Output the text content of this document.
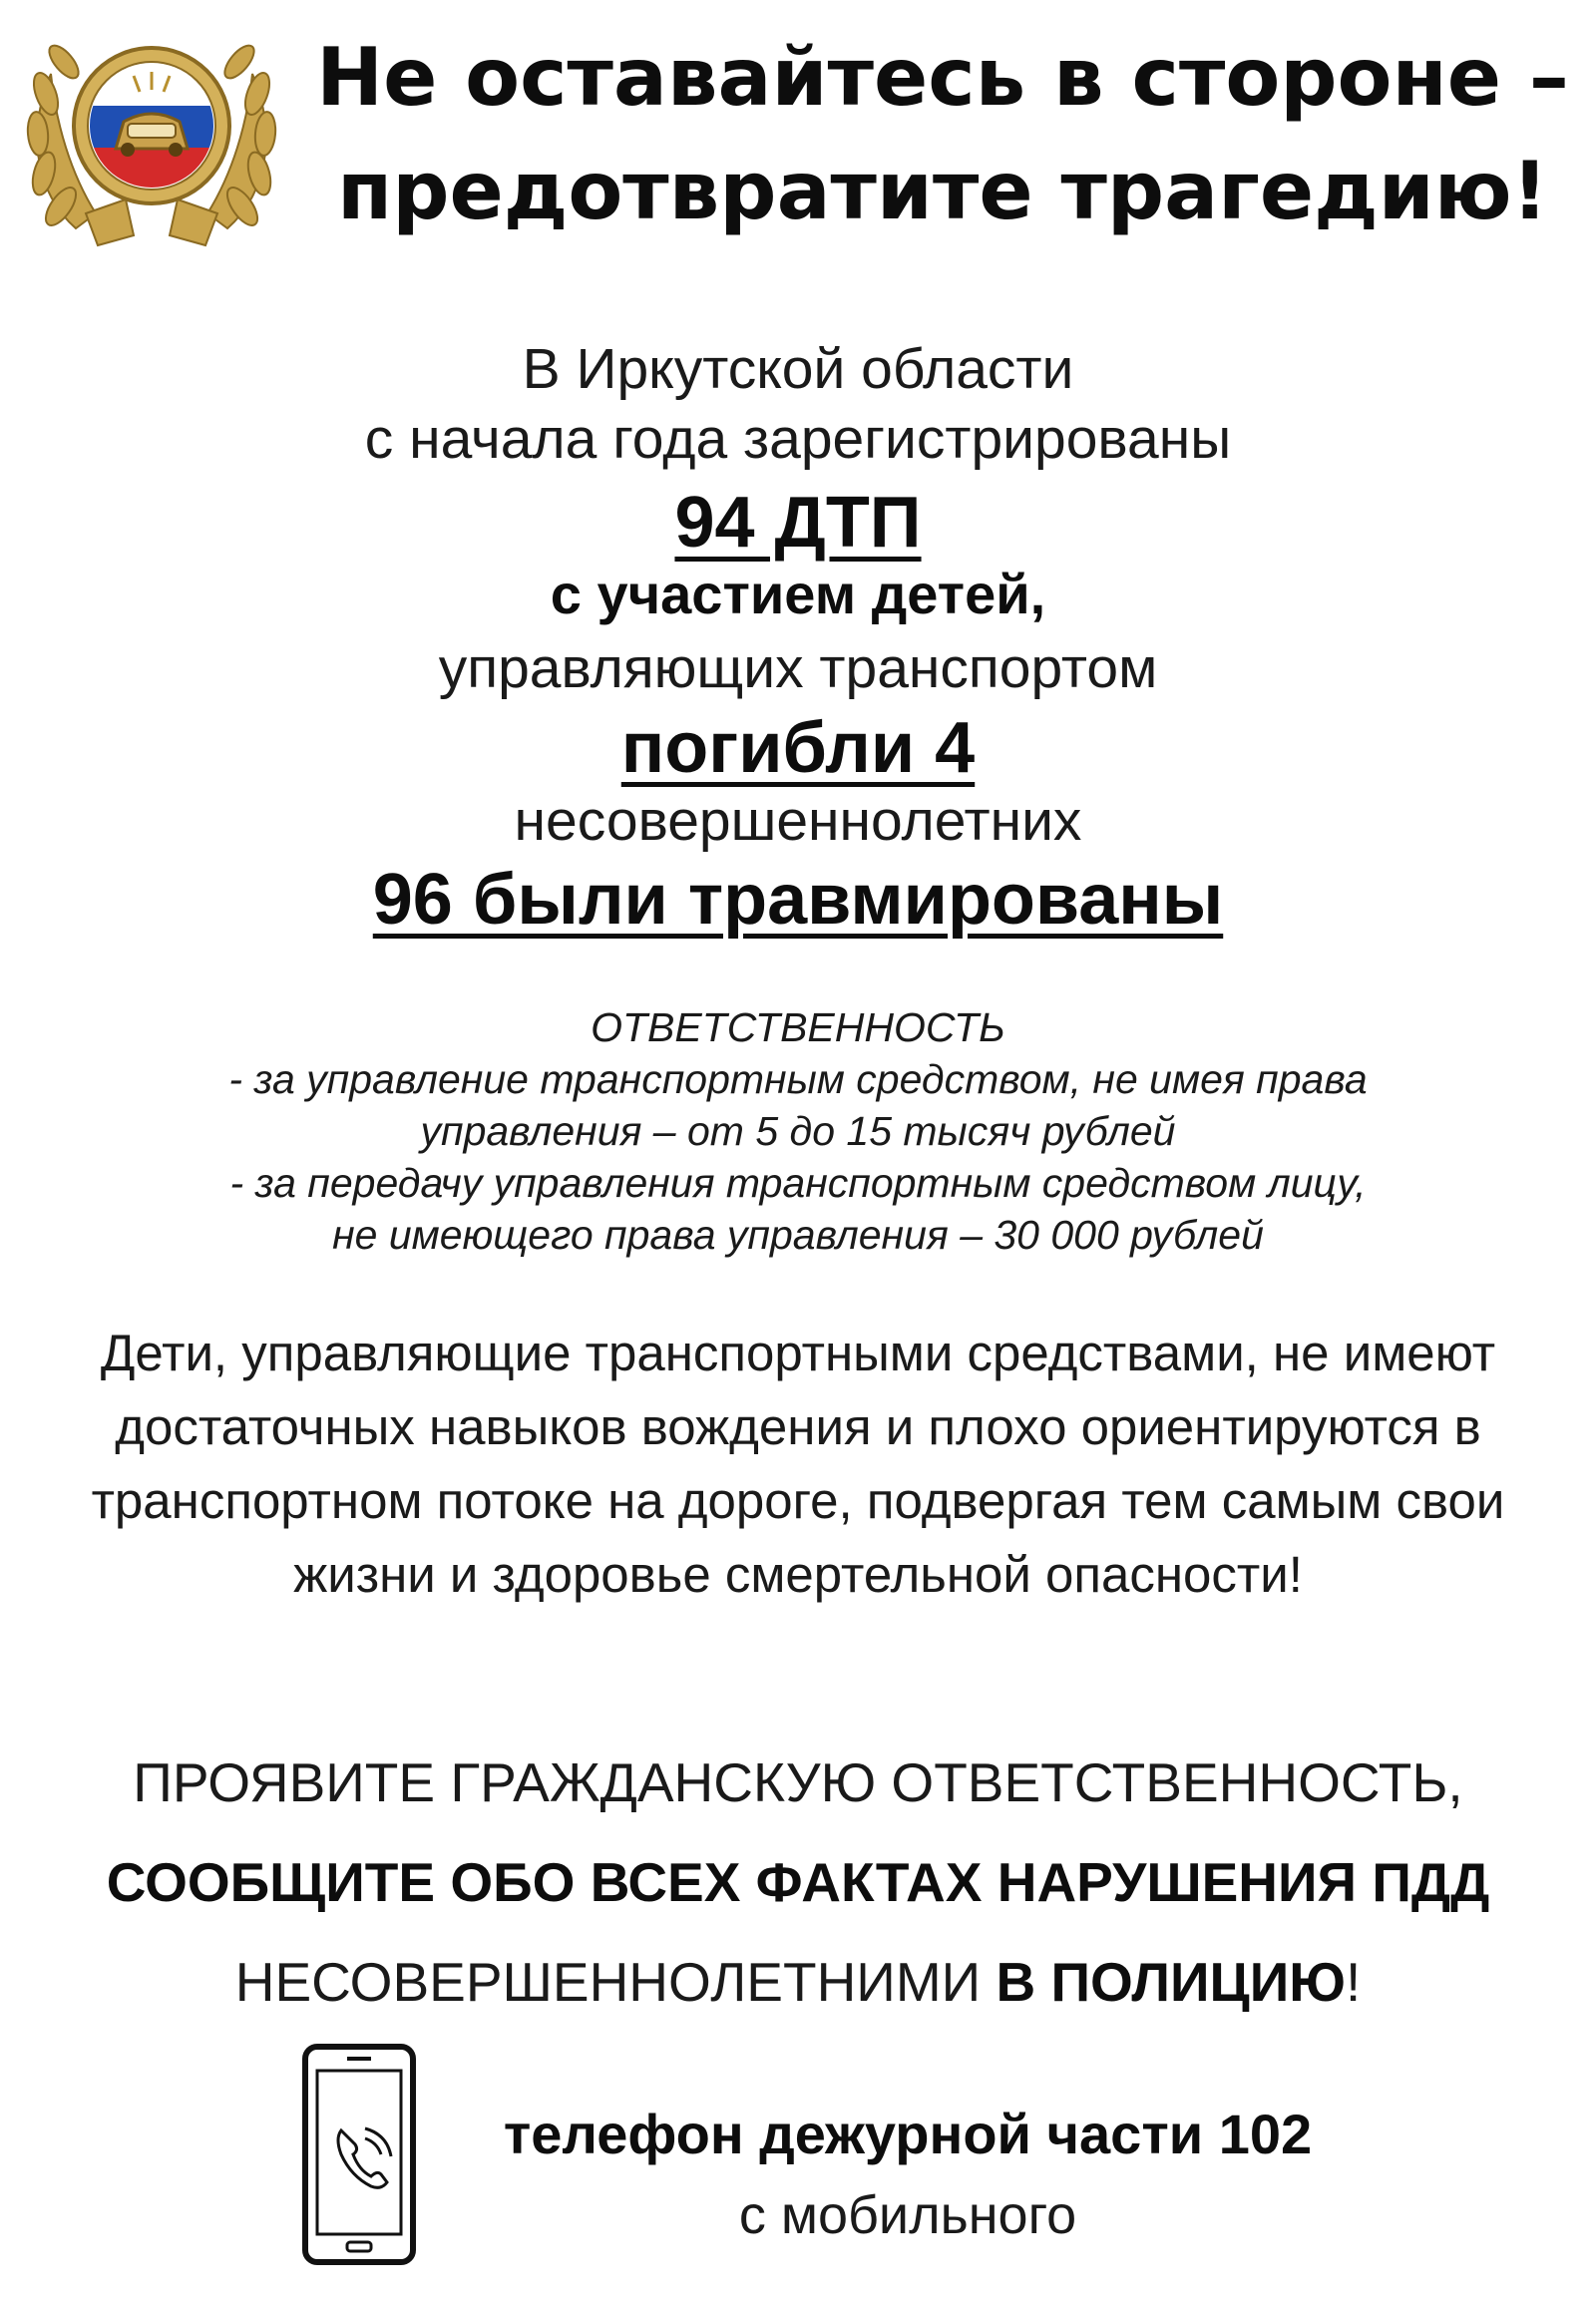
Не оставайтесь в стороне –
предотвратите трагедию!
В Иркутской области
с начала года зарегистрированы
94 ДТП
с участием детей,
управляющих транспортом
погибли 4
несовершеннолетних
96 были травмированы
ОТВЕТСТВЕННОСТЬ
- за управление транспортным средством, не имея права
управления – от 5 до 15 тысяч рублей
- за передачу управления транспортным средством лицу,
не имеющего права управления – 30 000 рублей
Дети, управляющие транспортными средствами, не имеют
достаточных навыков вождения и плохо ориентируются в
транспортном потоке на дороге, подвергая тем самым свои
жизни и здоровье смертельной опасности!
ПРОЯВИТЕ ГРАЖДАНСКУЮ ОТВЕТСТВЕННОСТЬ,
СООБЩИТЕ ОБО ВСЕХ ФАКТАХ НАРУШЕНИЯ ПДД
НЕСОВЕРШЕННОЛЕТНИМИ В ПОЛИЦИЮ!
телефон дежурной части 102
с мобильного
